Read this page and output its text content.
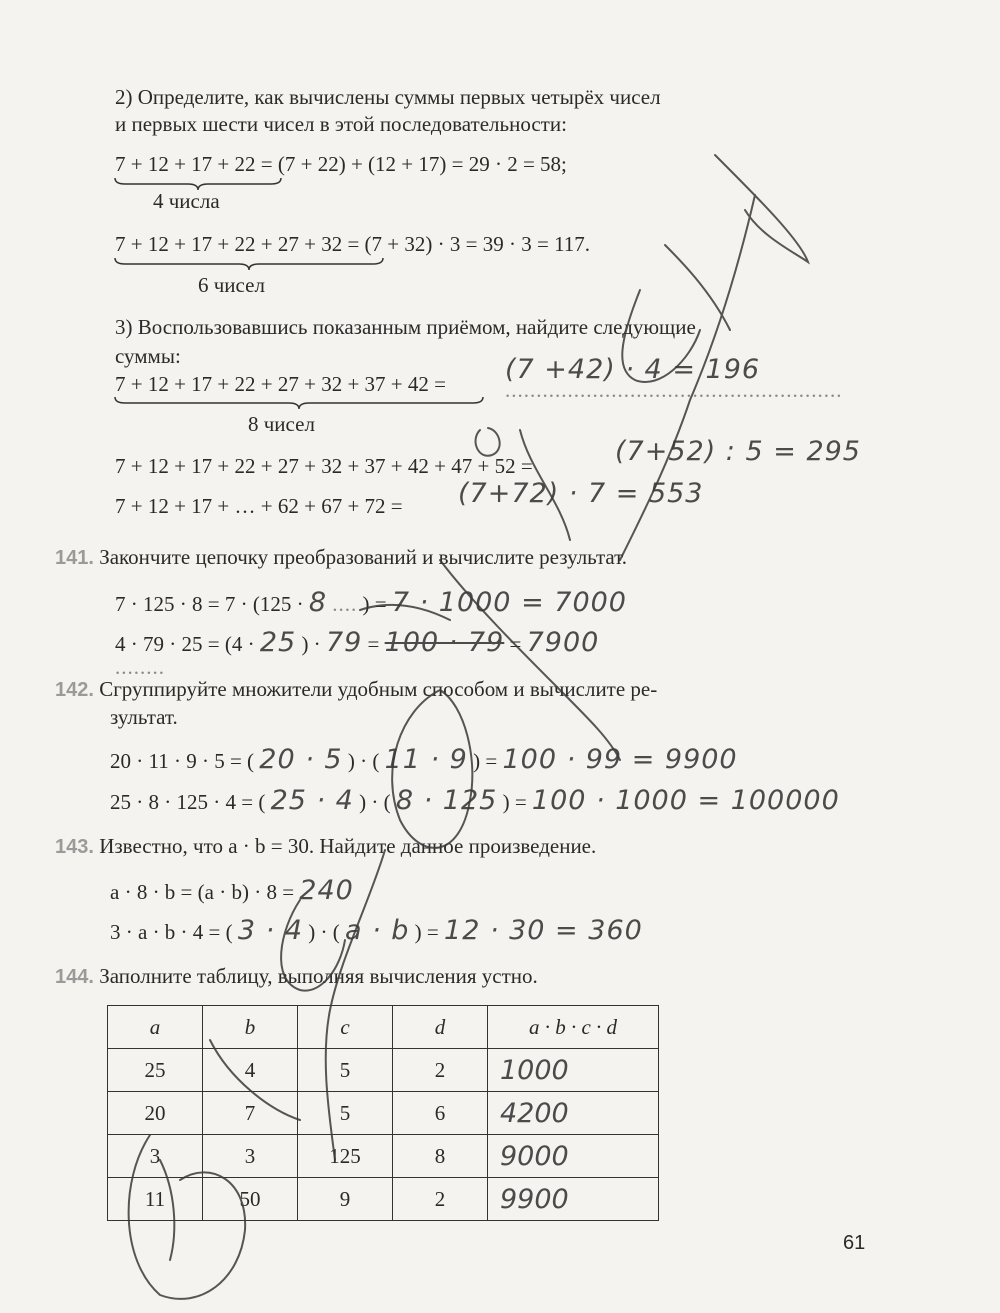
2) Определите, как вычислены суммы первых четырёх чисел
и первых шести чисел в этой последовательности:
7 + 12 + 17 + 22 = (7 + 22) + (12 + 17) = 29 · 2 = 58;
4 числа
7 + 12 + 17 + 22 + 27 + 32 = (7 + 32) · 3 = 39 · 3 = 117.
6 чисел
3) Воспользовавшись показанным приёмом, найдите следующие
суммы:
7 + 12 + 17 + 22 + 27 + 32 + 37 + 42 = (7 +42) · 4 = 196
......................................................
8 чисел
7 + 12 + 17 + 22 + 27 + 32 + 37 + 42 + 47 + 52 =	(7+52) : 5 = 295
7 + 12 + 17 + … + 62 + 67 + 72 = (7+72) · 7 = 553
141. Закончите цепочку преобразований и вычислите результат.
7 · 125 · 8 = 7 · (125 · 8 .... ) = 7 · 1000 = 7000
4 · 79 · 25 = (4 · 25 ) · 79 = 100 · 79 = 7900
........
142. Сгруппируйте множители удобным способом и вычислите ре-
зультат.
20 · 11 · 9 · 5 = ( 20 · 5 ) · ( 11 · 9 ) = 100 · 99 = 9900
25 · 8 · 125 · 4 = ( 25 · 4 ) · ( 8 · 125 ) = 100 · 1000 = 100000
143. Известно, что a · b = 30. Найдите данное произведение.
a · 8 · b = (a · b) · 8 = 240
3 · a · b · 4 = ( 3 · 4 ) · ( a · b ) = 12 · 30 = 360
144. Заполните таблицу, выполняя вычисления устно.
a	b	c	d	a · b · c · d
25	4	5	2	1000
20	7	5	6	4200
3	3	125	8	9000
11	50	9	2	9900
61
